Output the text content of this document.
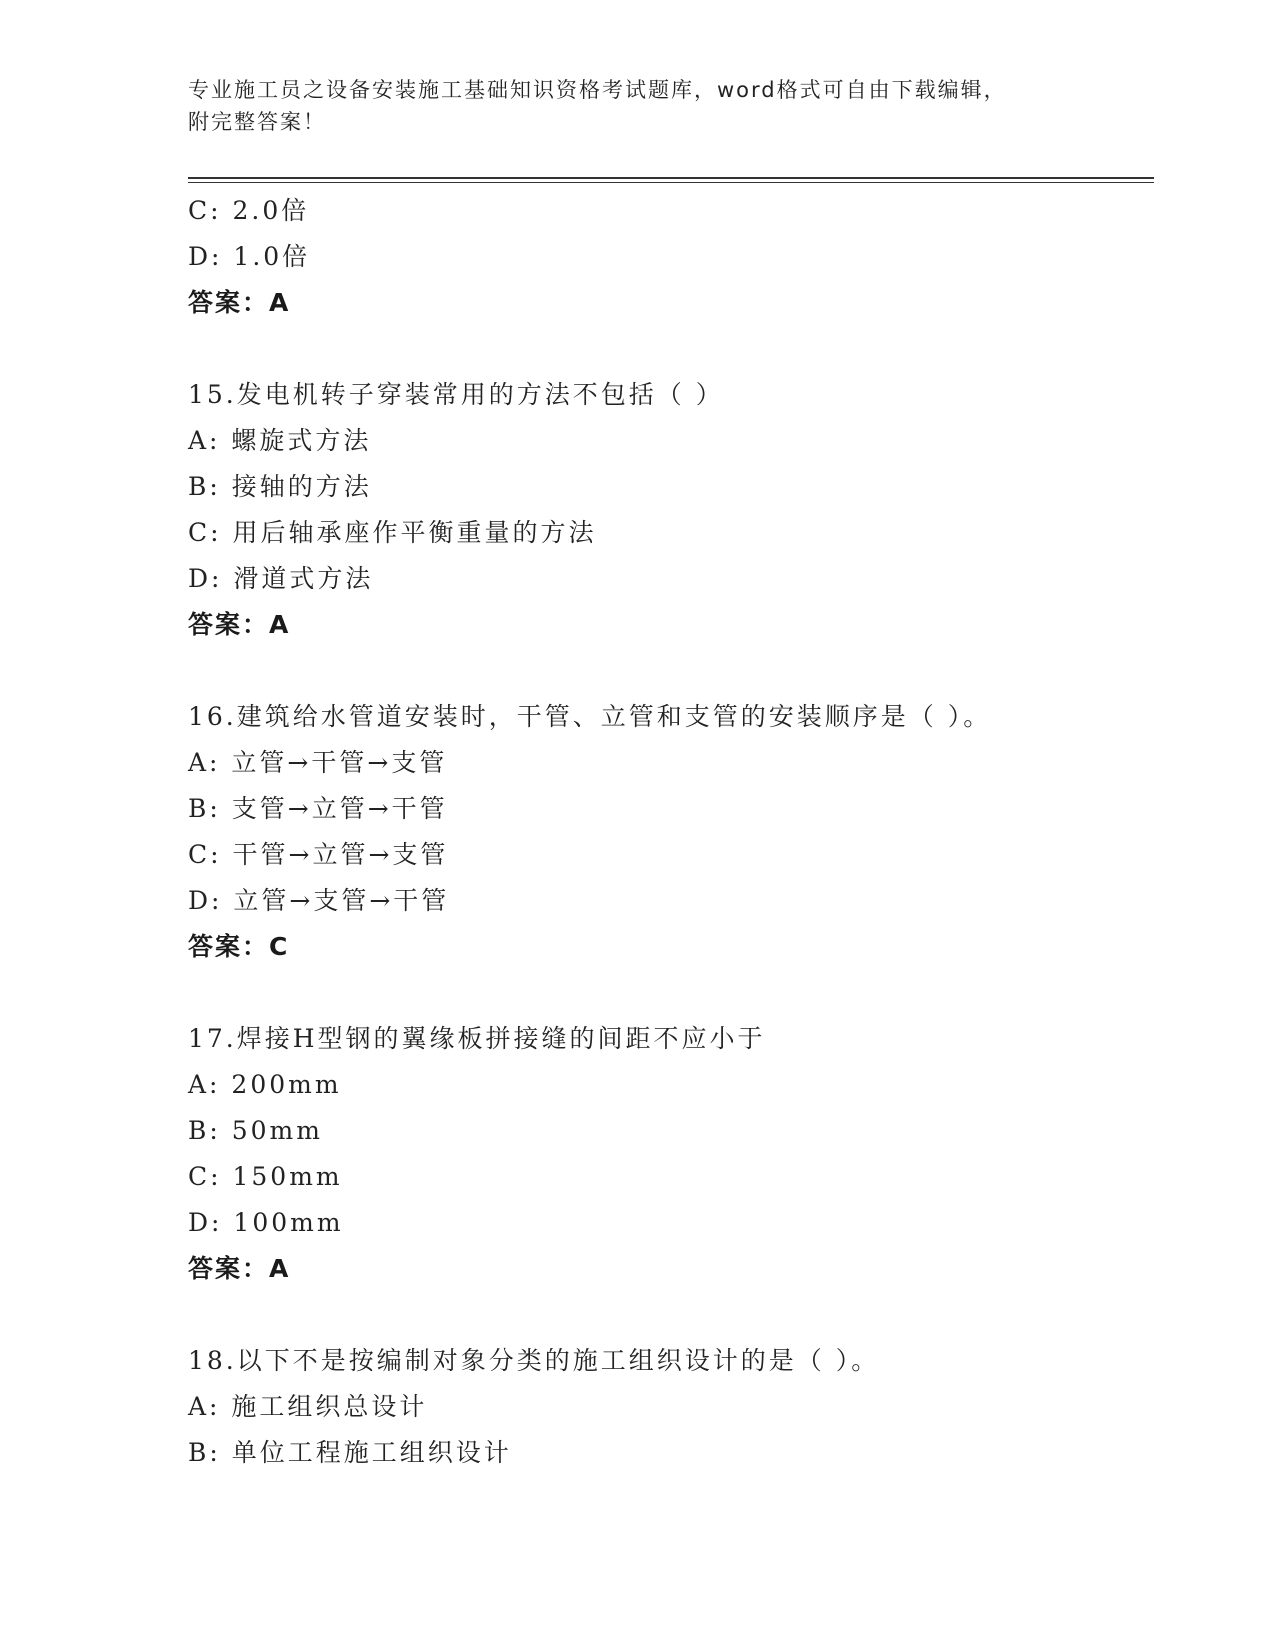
专业施工员之设备安装施工基础知识资格考试题库，word格式可自由下载编辑，
附完整答案！
C: 2.0倍
D: 1.0倍
答案：A
15.发电机转子穿装常用的方法不包括（ ）
A: 螺旋式方法
B: 接轴的方法
C: 用后轴承座作平衡重量的方法
D: 滑道式方法
答案：A
16.建筑给水管道安装时，干管、立管和支管的安装顺序是（ ）。
A: 立管→干管→支管
B: 支管→立管→干管
C: 干管→立管→支管
D: 立管→支管→干管
答案：C
17.焊接H型钢的翼缘板拼接缝的间距不应小于
A: 200mm
B: 50mm
C: 150mm
D: 100mm
答案：A
18.以下不是按编制对象分类的施工组织设计的是（ ）。
A: 施工组织总设计
B: 单位工程施工组织设计
